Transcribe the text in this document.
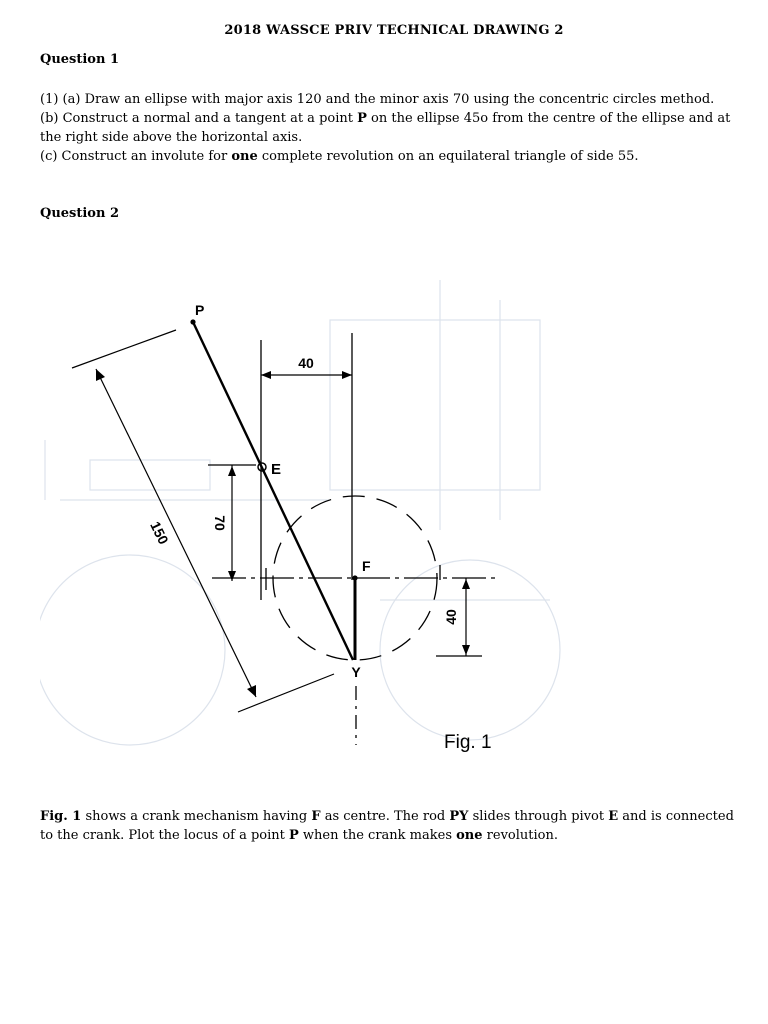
2018 WASSCE PRIV TECHNICAL DRAWING 2
Question 1

(1) (a) Draw an ellipse with major axis 120 and the minor axis 70 using the concentric circles method.

(b) Construct a normal and a tangent at a point P on the ellipse 45o from the centre of the ellipse and at the right side above the horizontal axis.

(c) Construct an involute for one complete revolution on an equilateral triangle of side 55.

Question 2
150
P
40
E
70
F
Y
40
Fig. 1

Fig. 1 shows a crank mechanism having F as centre. The rod PY slides through pivot E and is connected to the crank. Plot the locus of a point P when the crank makes one revolution.
